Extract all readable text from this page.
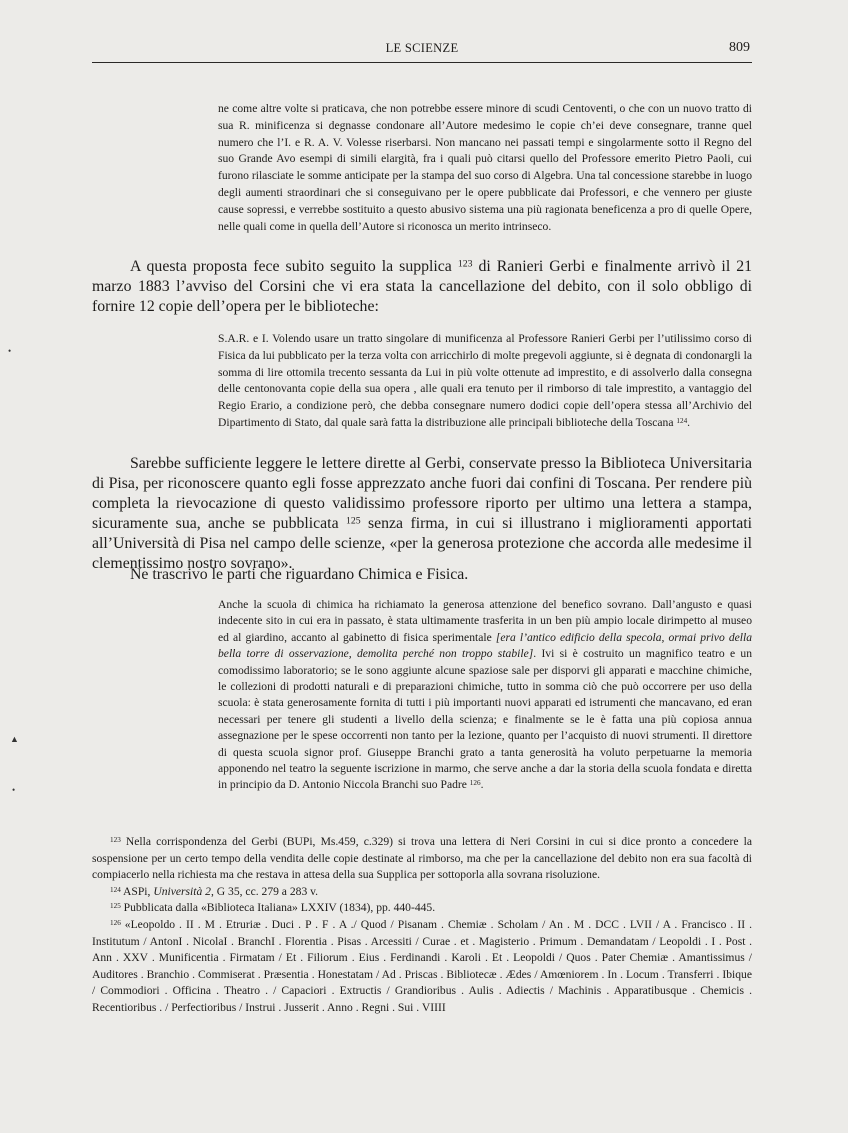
LE SCIENZE	809

ne come altre volte si praticava, che non potrebbe essere minore di scudi Centoventi, o che con un nuovo tratto di sua R. minificenza si degnasse condonare all’Autore medesimo le copie ch’ei deve consegnare, tranne quel numero che l’I. e R. A. V. Volesse riserbarsi. Non mancano nei passati tempi e singolarmente sotto il Regno del suo Grande Avo esempi di simili elargità, fra i quali può citarsi quello del Professore emerito Pietro Paoli, cui furono rilasciate le somme anticipate per la stampa del suo corso di Algebra. Una tal concessione starebbe in luogo degli aumenti straordinari che si conseguivano per le opere pubblicate dai Professori, e che vennero per giuste cause sopressi, e verrebbe sostituito a questo abusivo sistema una più ragionata beneficenza a pro di quelle Opere, nelle quali come in quella dell’Autore si riconosca un merito intrinseco.

A questa proposta fece subito seguito la supplica $^{123}$ di Ranieri Gerbi e finalmente arrivò il 21 marzo 1883 l’avviso del Corsini che vi era stata la cancellazione del debito, con il solo obbligo di fornire 12 copie dell’opera per le biblioteche:

•

S.A.R. e I. Volendo usare un tratto singolare di munificenza al Professore Ranieri Gerbi per l’utilissimo corso di Fisica da lui pubblicato per la terza volta con arricchirlo di molte pregevoli aggiunte, si è degnata di condonargli la somma di lire ottomila trecento sessanta da Lui in più volte ottenute ad imprestito, e di assolverlo dalla consegna delle centonovanta copie della sua opera , alle quali era tenuto per il rimborso di tale imprestito, a vantaggio del Regio Erario, a condizione però, che debba consegnare numero dodici copie dell’opera stessa all’Archivio del Dipartimento di Stato, dal quale sarà fatta la distribuzione alle principali biblioteche della Toscana $^{124}$.

Sarebbe sufficiente leggere le lettere dirette al Gerbi, conservate presso la Biblioteca Universitaria di Pisa, per riconoscere quanto egli fosse apprezzato anche fuori dai confini di Toscana. Per rendere più completa la rievocazione di questo validissimo professore riporto per ultimo una lettera a stampa, sicuramente sua, anche se pubblicata $^{125}$ senza firma, in cui si illustrano i miglioramenti apportati all’Università di Pisa nel campo delle scienze, «per la generosa protezione che accorda alle medesime il clementissimo nostro sovrano».

Ne trascrivo le parti che riguardano Chimica e Fisica.

Anche la scuola di chimica ha richiamato la generosa attenzione del benefico sovrano. Dall’angusto e quasi indecente sito in cui era in passato, è stata ultimamente trasferita in un ben più ampio locale dirimpetto al museo ed al giardino, accanto al gabinetto di fisica sperimentale [era l’antico edificio della specola, ormai privo della bella torre di osservazione, demolita perché non troppo stabile]. Ivi si è costruito un magnifico teatro e un comodissimo laboratorio; se le sono aggiunte alcune spaziose sale per disporvi gli apparati e macchine chimiche, le collezioni di prodotti naturali e di preparazioni chimiche, tutto in somma ciò che può occorrere per uso della scuola: è stata generosamente fornita di tutti i più importanti nuovi apparati ed istrumenti che mancavano, ed eran necessari per tenere gli studenti a livello della scienza; e finalmente se le è fatta una più copiosa annua assegnazione per le spese occorrenti non tanto per la lezione, quanto per l’acquisto di nuovi strumenti. Il direttore di questa scuola signor prof. Giuseppe Branchi grato a tanta generosità ha voluto perpetuarne la memoria apponendo nel teatro la seguente iscrizione in marmo, che serve anche a dar la storia della scuola fondata e diretta in principio da D. Antonio Niccola Branchi suo Padre $^{126}$.

▲
•

$^{123}$ Nella corrispondenza del Gerbi (BUPi, Ms.459, c.329) si trova una lettera di Neri Corsini in cui si dice pronto a concedere la sospensione per un certo tempo della vendita delle copie destinate al rimborso, ma che per la cancellazione del debito non era sua facoltà di compiacerlo nella richiesta ma che restava in attesa della sua Supplica per sottoporla alla sovrana risoluzione.

$^{124}$ ASPi, Università 2, G 35, cc. 279 a 283 v.

$^{125}$ Pubblicata dalla «Biblioteca Italiana» LXXIV (1834), pp. 440-445.

$^{126}$ «Leopoldo . II . M . Etruriæ . Duci . P . F . A ./ Quod / Pisanam . Chemiæ . Scholam / An . M . DCC . LVII / A . Francisco . II . Institutum / AntonI . NicolaI . BranchI . Florentia . Pisas . Arcessiti / Curae . et . Magisterio . Primum . Demandatam / Leopoldi . I . Post . Ann . XXV . Munificentia . Firmatam / Et . Filiorum . Eius . Ferdinandi . Karoli . Et . Leopoldi / Quos . Pater Chemiæ . Amantissimus / Auditores . Branchio . Commiserat . Præsentia . Honestatam / Ad . Priscas . Bibliotecæ . Ædes / Amœniorem . In . Locum . Transferri . Ibique / Commodiori . Officina . Theatro . / Capaciori . Extructis / Grandioribus . Aulis . Adiectis / Machinis . Apparatibusque . Chemicis . Recentioribus . / Perfectioribus / Instrui . Jusserit . Anno . Regni . Sui . VIIII
